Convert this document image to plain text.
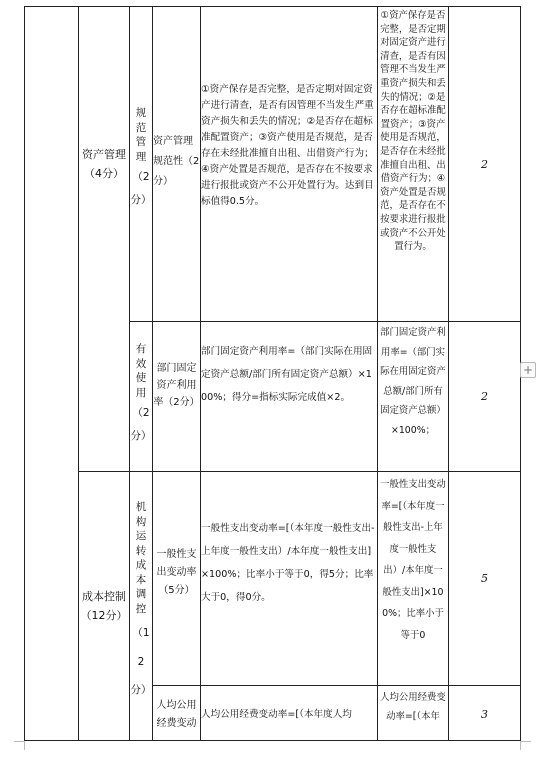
资产管理
（4分）
成本控制
（12分）
规
范
管
理
（2
分）
有
效
使
用
（2
分）
机
构
运
转
成
本
调
控
（1
2
分）
资产管理规范性（2分）
部门固定资产利用率（2分）
一般性支出变动率（5分）
人均公用经费变动
①资产保存是否完整，是否定期对固定资产进行清查，是否有因管理不当发生严重资产损失和丢失的情况；②是否存在超标准配置资产；③资产使用是否规范，是否存在未经批准擅自出租、出借资产行为；④资产处置是否规范，是否存在不按要求进行报批或资产不公开处置行为。达到目标值得0.5分。
部门固定资产利用率=（部门实际在用固定资产总额/部门所有固定资产总额）×100%；得分=指标实际完成值×2。
一般性支出变动率=[（本年度一般性支出-上年度一般性支出）/本年度一般性支出]×100%；比率小于等于0，得5分；比率大于0，得0分。
人均公用经费变动率=[（本年度人均
①资产保存是否完整，是否定期对固定资产进行清查，是否有因管理不当发生严重资产损失和丢失的情况；②是否存在超标准配置资产；③资产使用是否规范，是否存在未经批准擅自出租、出借资产行为；④资产处置是否规范，是否存在不按要求进行报批或资产不公开处置行为。
部门固定资产利用率=（部门实际在用固定资产总额/部门所有固定资产总额）×100%；
一般性支出变动率=[（本年度一般性支出-上年度一般性支出）/本年度一般性支出]×100%；比率小于等于0
人均公用经费变动率=[（本年
2
2
5
3
+
